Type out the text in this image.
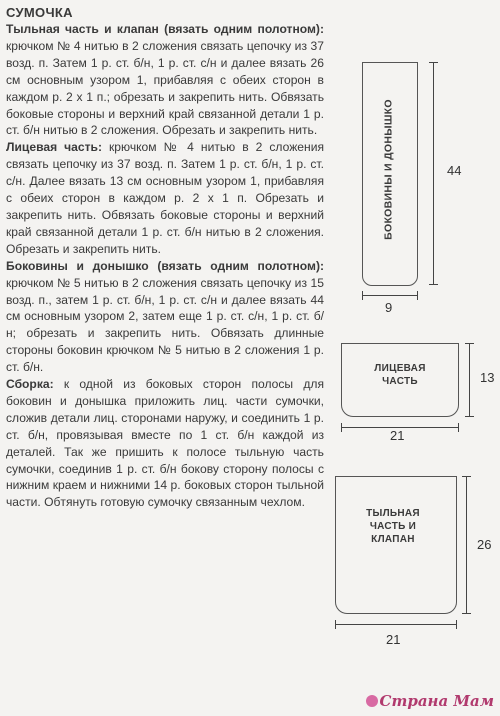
СУМОЧКА

Тыльная часть и клапан (вязать одним полотном): крючком № 4 нитью в 2 сложения связать цепочку из 37 возд. п. Затем 1 р. ст. б/н, 1 р. ст. с/н и далее вязать 26 см основным узором 1, прибавляя с обеих сторон в каждом р. 2 х 1 п.; обрезать и закрепить нить. Обвязать боковые стороны и верхний край связанной детали 1 р. ст. б/н нитью в 2 сложения. Обрезать и закрепить нить.

Лицевая часть: крючком № 4 нитью в 2 сложения связать цепочку из 37 возд. п. Затем 1 р. ст. б/н, 1 р. ст. с/н. Далее вязать 13 см основным узором 1, прибавляя с обеих сторон в каждом р. 2 х 1 п. Обрезать и закрепить нить. Обвязать боковые стороны и верхний край связанной детали 1 р. ст. б/н нитью в 2 сложения. Обрезать и закрепить нить.

Боковины и донышко (вязать одним полотном): крючком № 5 нитью в 2 сложения связать цепочку из 15 возд. п., затем 1 р. ст. б/н, 1 р. ст. с/н и далее вязать 44 см основным узором 2, затем еще 1 р. ст. с/н, 1 р. ст. б/н; обрезать и закрепить нить. Обвязать длинные стороны боковин крючком № 5 нитью в 2 сложения 1 р. ст. б/н.

Сборка: к одной из боковых сторон полосы для боковин и донышка приложить лиц. части сумочки, сложив детали лиц. сторонами наружу, и соединить 1 р. ст. б/н, провязывая вместе по 1 ст. б/н каждой из деталей. Так же пришить к полосе тыльную часть сумочки, соединив 1 р. ст. б/н бокову сторону полосы с нижним краем и нижними 14 р. боковых сторон тыльной части. Обтянуть готовую сумочку связанным чехлом.

БОКОВИНЫ И ДОНЫШКО	44
9
ЛИЦЕВАЯ ЧАСТЬ	13
21
ТЫЛЬНАЯ ЧАСТЬ И КЛАПАН	26
21
Страна Мам
